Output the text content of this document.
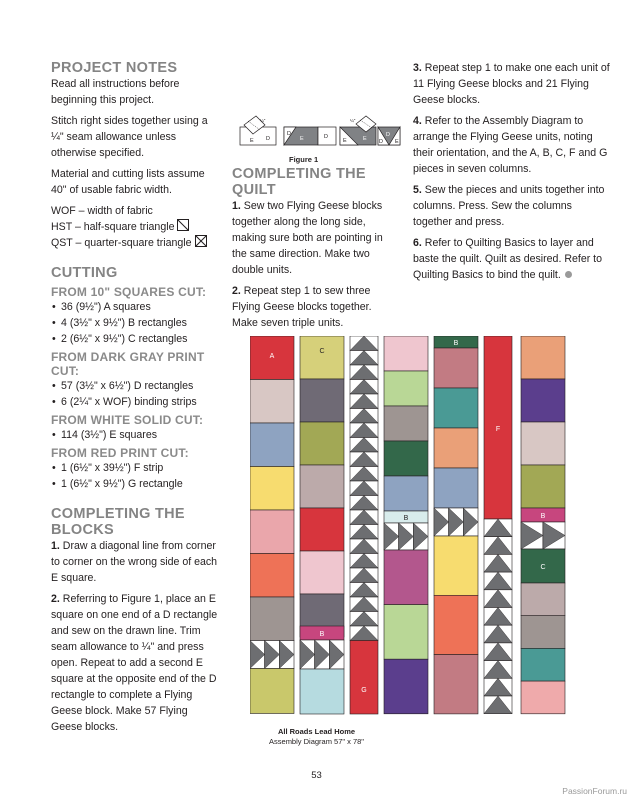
PROJECT NOTES

Read all instructions before beginning this project.

Stitch right sides together using a ¼" seam allowance unless otherwise specified.

Material and cutting lists assume 40" of usable fabric width.

WOF – width of fabric

HST – half-square triangle

QST – quarter-square triangle

CUTTING
FROM 10" SQUARES CUT:
• 36 (9½") A squares
• 4 (3½" x 9½") B rectangles
• 2 (6½" x 9½") C rectangles
FROM DARK GRAY PRINT CUT:
• 57 (3½" x 6½") D rectangles
• 6 (2¼" x WOF) binding strips
FROM WHITE SOLID CUT:
• 114 (3½") E squares
FROM RED PRINT CUT:
• 1 (6½" x 39½") F strip
• 1 (6½" x 9½") G rectangle
COMPLETING THE BLOCKS

1. Draw a diagonal line from corner to corner on the wrong side of each E square.

2. Referring to Figure 1, place an E square on one end of a D rectangle and sew on the drawn line. Trim seam allowance to ¼" and press open. Repeat to add a second E square at the opposite end of the D rectangle to complete a Flying Geese block. Make 57 Flying Geese blocks.

COMPLETING THE QUILT

1. Sew two Flying Geese blocks together along the long side, making sure both are pointing in the same direction. Make two double units.

2. Repeat step 1 to sew three Flying Geese blocks together. Make seven triple units.

3. Repeat step 1 to make one each unit of 11 Flying Geese blocks and 21 Flying Geese blocks.

4. Refer to the Assembly Diagram to arrange the Flying Geese units, noting their orientation, and the A, B, C, F and G pieces in seven columns.

5. Sew the pieces and units together into columns. Press. Sew the columns together and press.

6. Refer to Quilting Basics to layer and baste the quilt. Quilt as desired. Refer to Quilting Basics to bind the quilt.

E D
¼"
D
E	D
E	E
¼"
D
D E
Figure 1
A
C
B
G
B
B
F
B
C
All Roads Lead Home
Assembly Diagram 57" x 78"
53
PassionForum.ru
